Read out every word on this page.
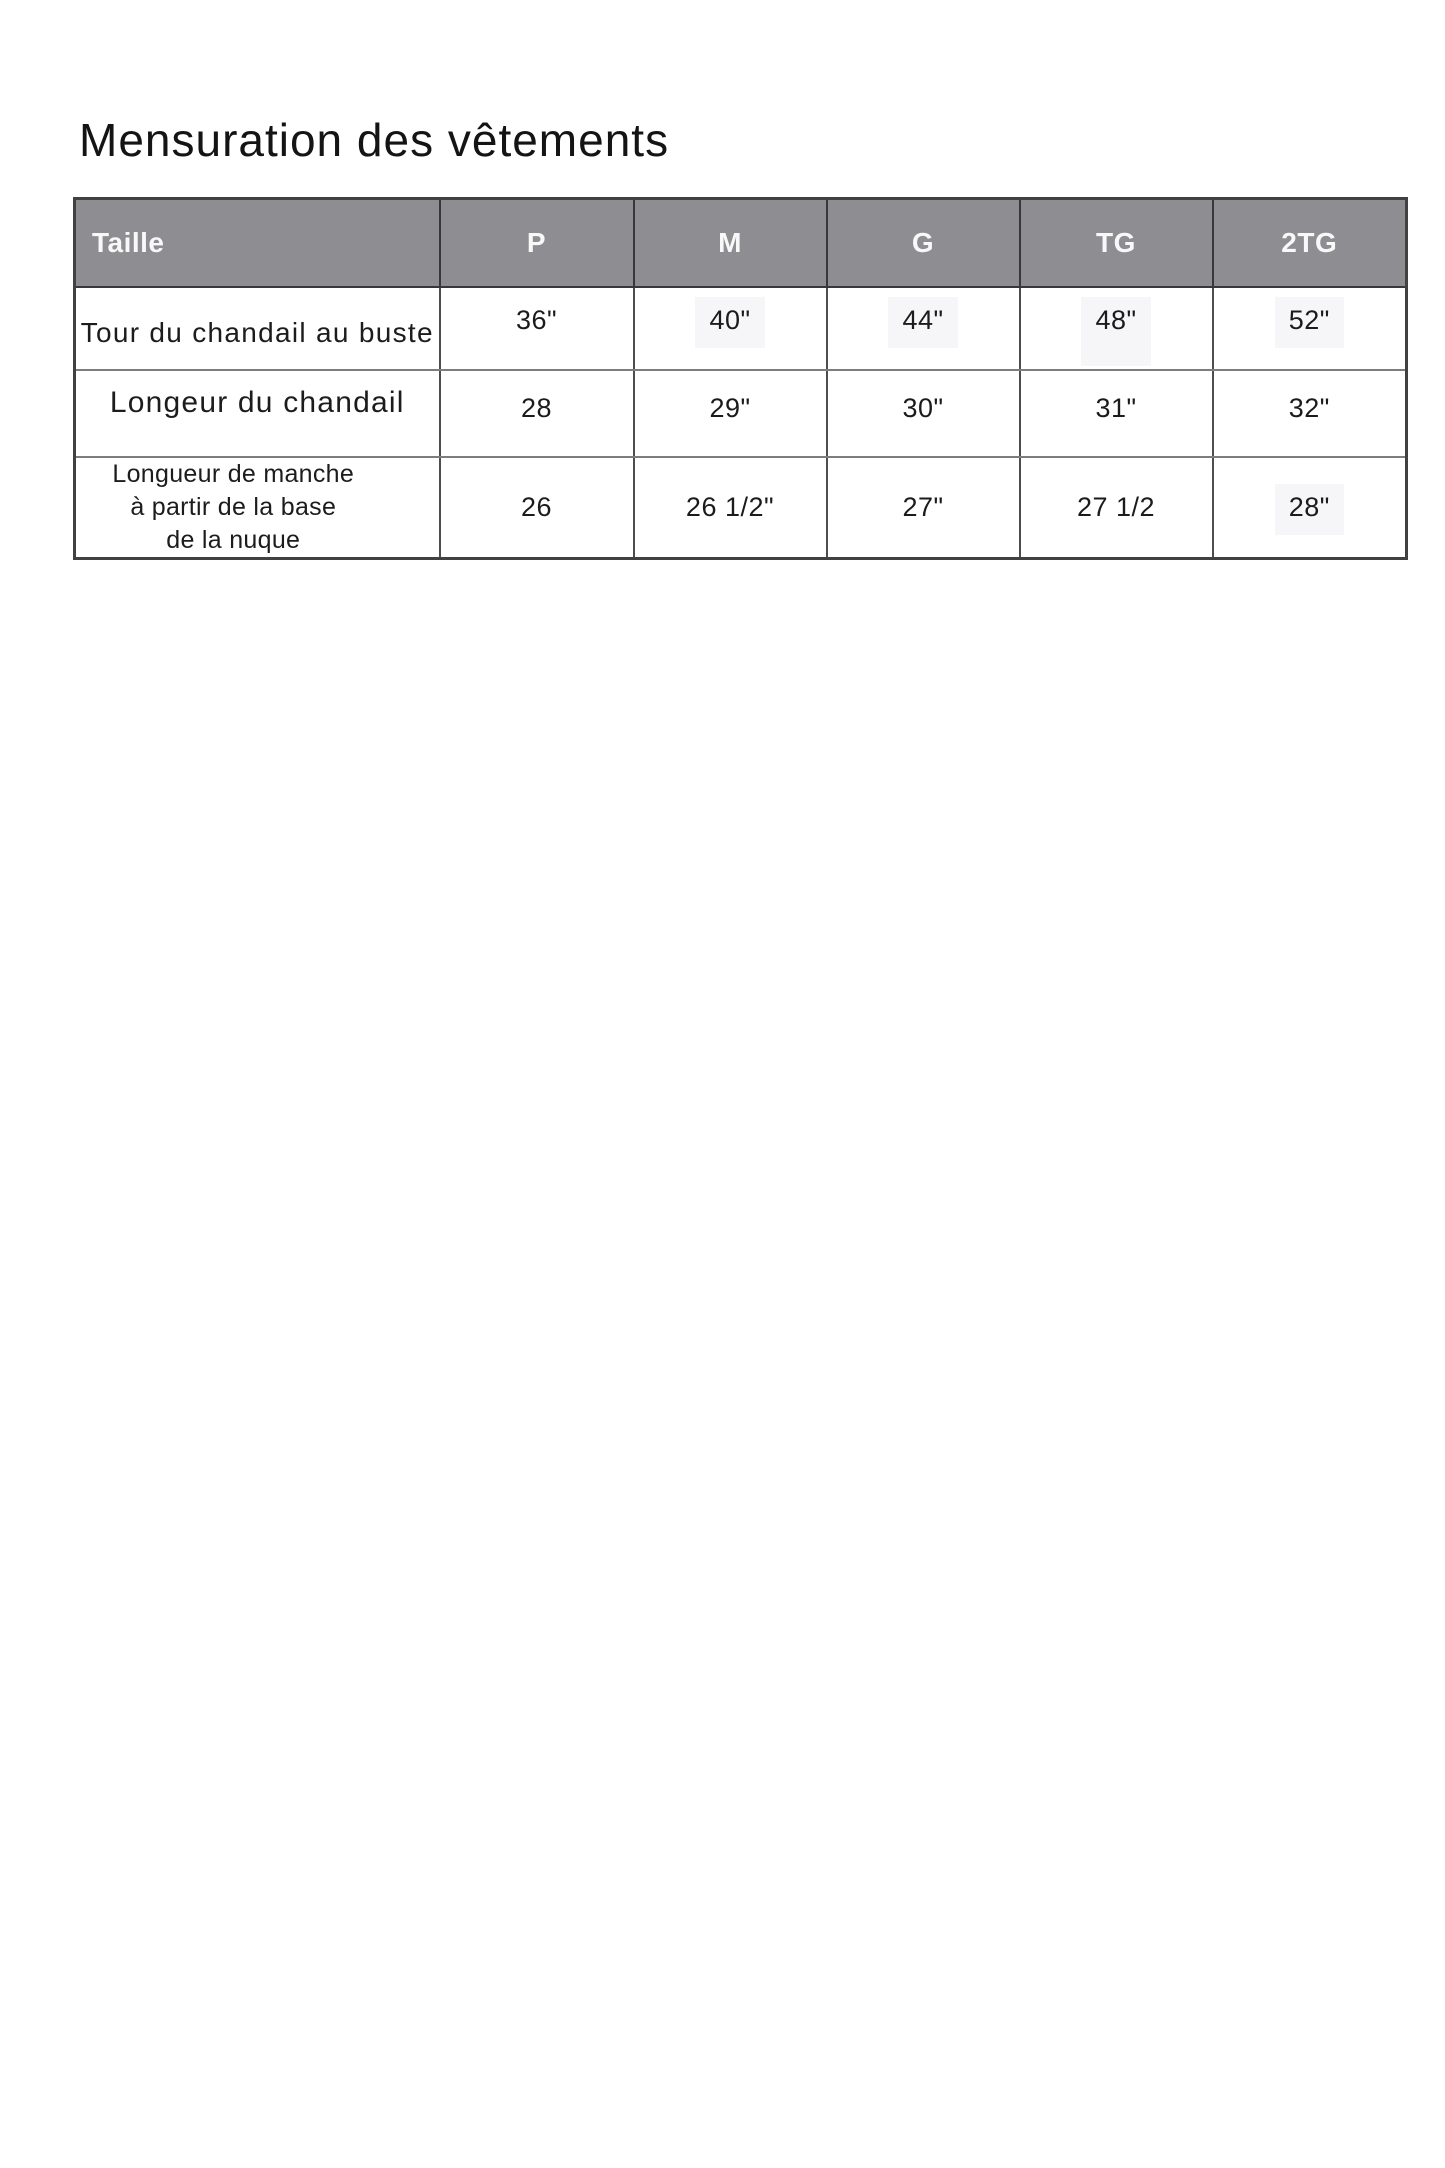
Mensuration des vêtements
Taille	P	M	G	TG	2TG
Tour du chandail au buste	36"	40"	44"	48"	52"
Longeur du chandail	28	29"	30"	31"	32"

Longueur de manche
à partir de la base
de la nuque	26	26 1/2"	27"	27 1/2	28"
